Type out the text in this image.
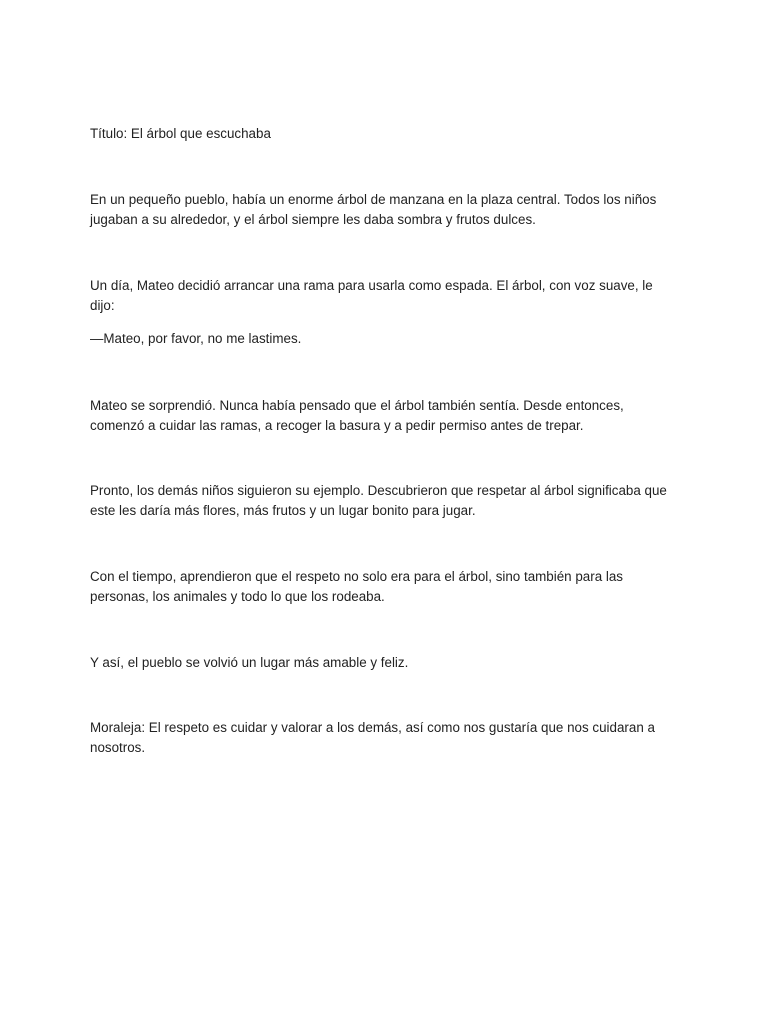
Título: El árbol que escuchaba

En un pequeño pueblo, había un enorme árbol de manzana en la plaza central. Todos los niños jugaban a su alrededor, y el árbol siempre les daba sombra y frutos dulces.

Un día, Mateo decidió arrancar una rama para usarla como espada. El árbol, con voz suave, le dijo:

—Mateo, por favor, no me lastimes.

Mateo se sorprendió. Nunca había pensado que el árbol también sentía. Desde entonces, comenzó a cuidar las ramas, a recoger la basura y a pedir permiso antes de trepar.

Pronto, los demás niños siguieron su ejemplo. Descubrieron que respetar al árbol significaba que este les daría más flores, más frutos y un lugar bonito para jugar.

Con el tiempo, aprendieron que el respeto no solo era para el árbol, sino también para las personas, los animales y todo lo que los rodeaba.

Y así, el pueblo se volvió un lugar más amable y feliz.

Moraleja: El respeto es cuidar y valorar a los demás, así como nos gustaría que nos cuidaran a nosotros.
